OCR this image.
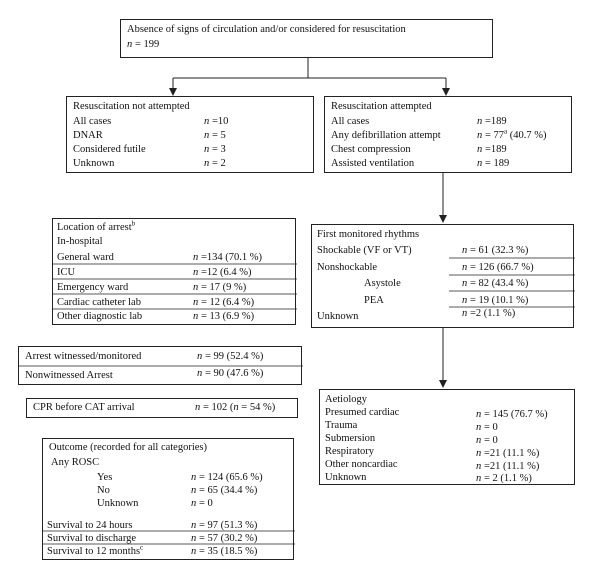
Absence of signs of circulation and/or considered for resuscitation
n = 199
Resuscitation not attempted
All cases	n =10
DNAR	n = 5
Considered futile	n = 3
Unknown	n = 2
Resuscitation attempted
All cases	n =189
Any defibrillation attempt	$n = 77^a$ (40.7 %)
Chest compression	n =189
Assisted ventilation	n = 189
Location of arrest$^b$
In-hospital
General ward	n =134 (70.1 %)
ICU	n =12 (6.4 %)
Emergency ward	n = 17 (9 %)
Cardiac catheter lab	n = 12 (6.4 %)
Other diagnostic lab	n = 13 (6.9 %)
First monitored rhythms
Shockable (VF or VT)	n = 61 (32.3 %)
Nonshockable	n = 126 (66.7 %)
Asystole	n = 82 (43.4 %)
PEA	n = 19 (10.1 %)
Unknown	n =2 (1.1 %)
Arrest witnessed/monitored	n = 99 (52.4 %)
Nonwitnessed Arrest	n = 90 (47.6 %)
CPR before CAT arrival	n = 102 (n = 54 %)
Aetiology
Presumed cardiac	n = 145 (76.7 %)
Trauma	n = 0
Submersion	n = 0
Respiratory	n =21 (11.1 %)
Other noncardiac	n =21 (11.1 %)
Unknown	n = 2 (1.1 %)
Outcome (recorded for all categories)
Any ROSC
Yes	n = 124 (65.6 %)
No	n = 65 (34.4 %)
Unknown	n = 0
Survival to 24 hours	n = 97 (51.3 %)
Survival to discharge	n = 57 (30.2 %)
Survival to 12 months$^c$	n = 35 (18.5 %)
